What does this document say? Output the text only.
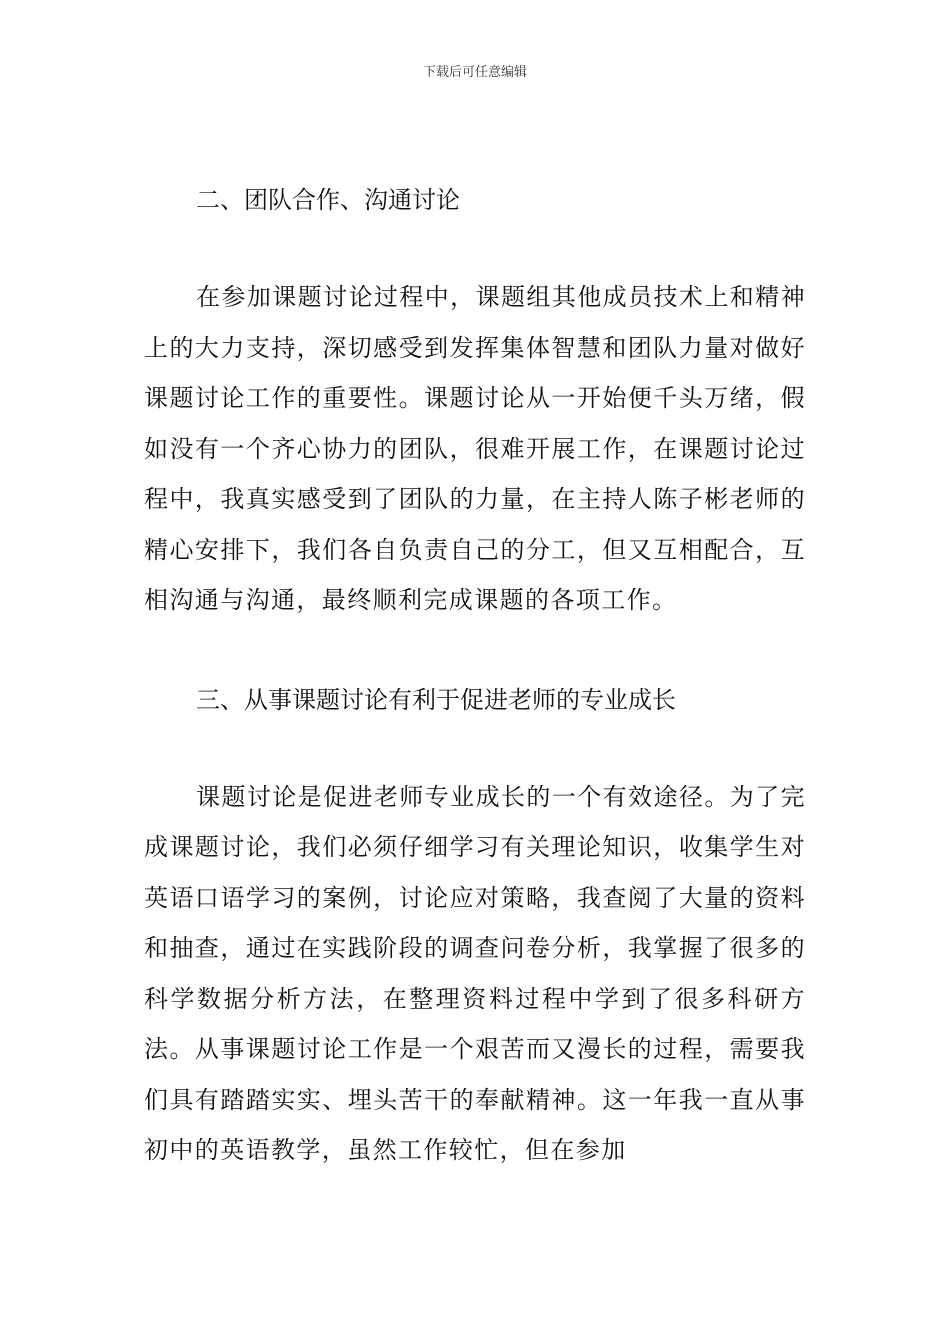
下载后可任意编辑
二、团队合作、沟通讨论

在参加课题讨论过程中，课题组其他成员技术上和精神上的大力支持，深切感受到发挥集体智慧和团队力量对做好课题讨论工作的重要性。课题讨论从一开始便千头万绪，假如没有一个齐心协力的团队，很难开展工作，在课题讨论过程中，我真实感受到了团队的力量，在主持人陈子彬老师的精心安排下，我们各自负责自己的分工，但又互相配合，互相沟通与沟通，最终顺利完成课题的各项工作。

三、从事课题讨论有利于促进老师的专业成长

课题讨论是促进老师专业成长的一个有效途径。为了完成课题讨论，我们必须仔细学习有关理论知识，收集学生对英语口语学习的案例，讨论应对策略，我查阅了大量的资料和抽查，通过在实践阶段的调查问卷分析，我掌握了很多的科学数据分析方法，在整理资料过程中学到了很多科研方法。从事课题讨论工作是一个艰苦而又漫长的过程，需要我们具有踏踏实实、埋头苦干的奉献精神。这一年我一直从事初中的英语教学，虽然工作较忙，但在参加
